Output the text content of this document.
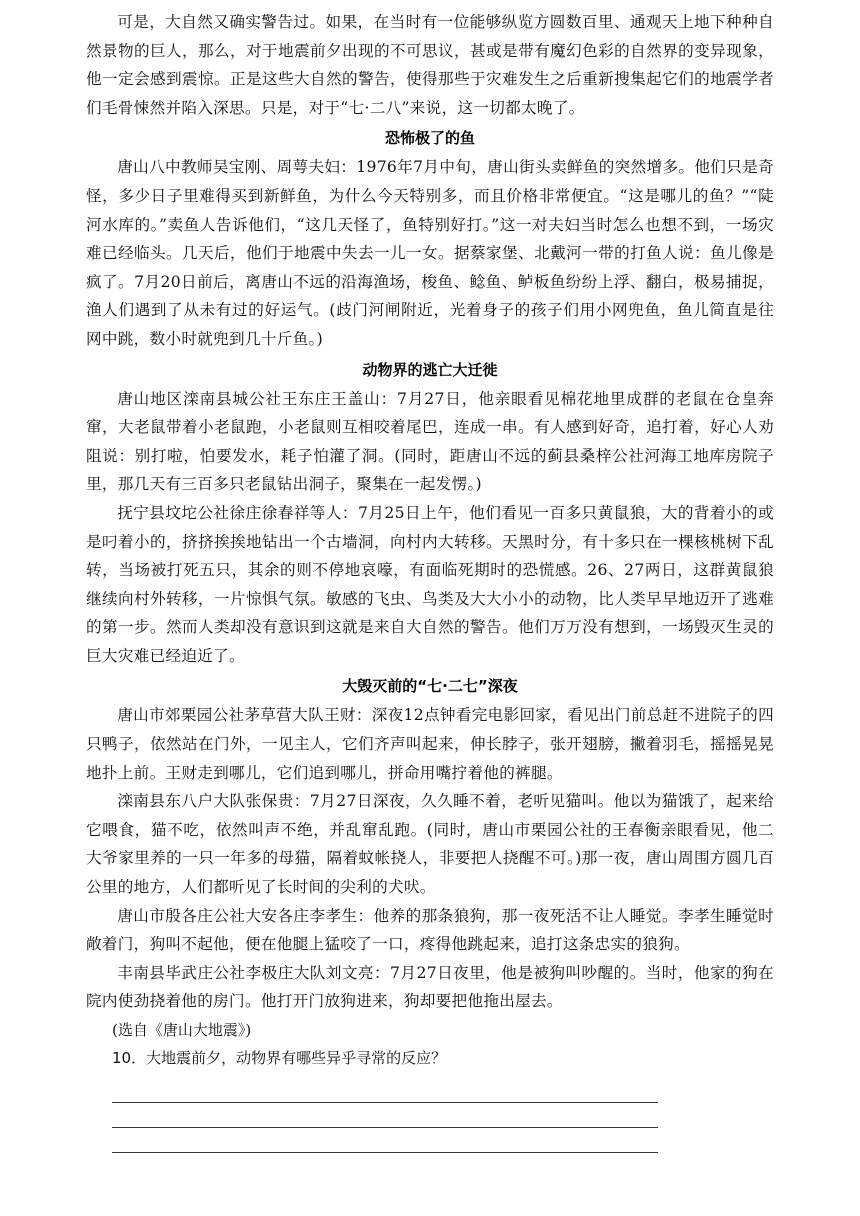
可是，大自然又确实警告过。如果，在当时有一位能够纵览方圆数百里、通观天上地下种种自然景物的巨人，那么，对于地震前夕出现的不可思议，甚或是带有魔幻色彩的自然界的变异现象，他一定会感到震惊。正是这些大自然的警告，使得那些于灾难发生之后重新搜集起它们的地震学者们毛骨悚然并陷入深思。只是，对于“七·二八”来说，这一切都太晚了。

恐怖极了的鱼

唐山八中教师吴宝刚、周萼夫妇：1976年7月中旬，唐山街头卖鲜鱼的突然增多。他们只是奇怪，多少日子里难得买到新鲜鱼，为什么今天特别多，而且价格非常便宜。“这是哪儿的鱼？”“陡河水库的。”卖鱼人告诉他们，“这几天怪了，鱼特别好打。”这一对夫妇当时怎么也想不到，一场灾难已经临头。几天后，他们于地震中失去一儿一女。据蔡家堡、北戴河一带的打鱼人说：鱼儿像是疯了。7月20日前后，离唐山不远的沿海渔场，梭鱼、鲶鱼、鲈板鱼纷纷上浮、翻白，极易捕捉，渔人们遇到了从未有过的好运气。(歧门河闸附近，光着身子的孩子们用小网兜鱼，鱼儿简直是往网中跳，数小时就兜到几十斤鱼。)

动物界的逃亡大迁徙

唐山地区滦南县城公社王东庄王盖山：7月27日，他亲眼看见棉花地里成群的老鼠在仓皇奔窜，大老鼠带着小老鼠跑，小老鼠则互相咬着尾巴，连成一串。有人感到好奇，追打着，好心人劝阻说：别打啦，怕要发水，耗子怕灌了洞。(同时，距唐山不远的蓟县桑梓公社河海工地库房院子里，那几天有三百多只老鼠钻出洞子，聚集在一起发愣。)

抚宁县坟坨公社徐庄徐春祥等人：7月25日上午，他们看见一百多只黄鼠狼，大的背着小的或是叼着小的，挤挤挨挨地钻出一个古墙洞，向村内大转移。天黑时分，有十多只在一棵核桃树下乱转，当场被打死五只，其余的则不停地哀嚎，有面临死期时的恐慌感。26、27两日，这群黄鼠狼继续向村外转移，一片惊惧气氛。敏感的飞虫、鸟类及大大小小的动物，比人类早早地迈开了逃难的第一步。然而人类却没有意识到这就是来自大自然的警告。他们万万没有想到，一场毁灭生灵的巨大灾难已经迫近了。

大毁灭前的“七·二七”深夜

唐山市郊栗园公社茅草营大队王财：深夜12点钟看完电影回家，看见出门前总赶不进院子的四只鸭子，依然站在门外，一见主人，它们齐声叫起来，伸长脖子，张开翅膀，撇着羽毛，摇摇晃晃地扑上前。王财走到哪儿，它们追到哪儿，拼命用嘴拧着他的裤腿。

滦南县东八户大队张保贵：7月27日深夜，久久睡不着，老听见猫叫。他以为猫饿了，起来给它喂食，猫不吃，依然叫声不绝，并乱窜乱跑。(同时，唐山市栗园公社的王春衡亲眼看见，他二大爷家里养的一只一年多的母猫，隔着蚊帐挠人，非要把人挠醒不可。)那一夜，唐山周围方圆几百公里的地方，人们都听见了长时间的尖利的犬吠。

唐山市殷各庄公社大安各庄李孝生：他养的那条狼狗，那一夜死活不让人睡觉。李孝生睡觉时敞着门，狗叫不起他，便在他腿上猛咬了一口，疼得他跳起来，追打这条忠实的狼狗。

丰南县毕武庄公社李极庄大队刘文亮：7月27日夜里，他是被狗叫吵醒的。当时，他家的狗在院内使劲挠着他的房门。他打开门放狗进来，狗却要把他拖出屋去。

(选自《唐山大地震》)

10．大地震前夕，动物界有哪些异乎寻常的反应？
